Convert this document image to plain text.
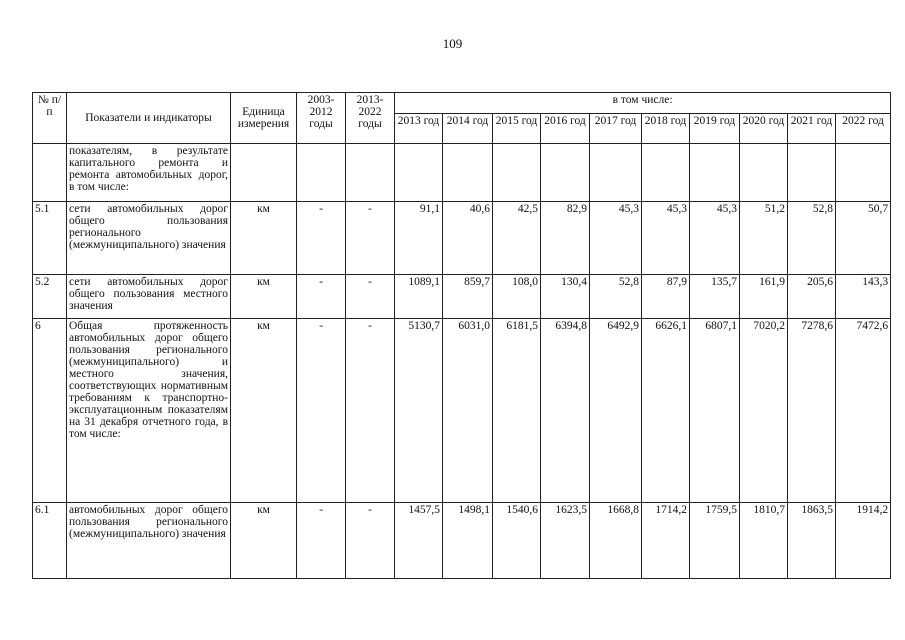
109
№ п/п	Показатели и индикаторы	Единица измерения	2003-2012 годы	2013-2022 годы	в том числе:									
					2013 год	2014 год	2015 год	2016 год	2017 год	2018 год	2019 год	2020 год	2021 год	2022 год
	показателям, в результате капитального ремонта и ремонта автомобильных дорог, в том числе:													
5.1	сети автомобильных дорог общего пользования регионального (межмуниципального) значения	км	-	-	91,1	40,6	42,5	82,9	45,3	45,3	45,3	51,2	52,8	50,7
5.2	сети автомобильных дорог общего пользования местного значения	км	-	-	1089,1	859,7	108,0	130,4	52,8	87,9	135,7	161,9	205,6	143,3
6	Общая протяженность автомобильных дорог общего пользования регионального (межмуниципального) и местного значения, соответствующих нормативным требованиям к транспортно-эксплуатационным показателям на 31 декабря отчетного года, в том числе:	км	-	-	5130,7	6031,0	6181,5	6394,8	6492,9	6626,1	6807,1	7020,2	7278,6	7472,6
6.1	автомобильных дорог общего пользования регионального (межмуниципального) значения	км	-	-	1457,5	1498,1	1540,6	1623,5	1668,8	1714,2	1759,5	1810,7	1863,5	1914,2
